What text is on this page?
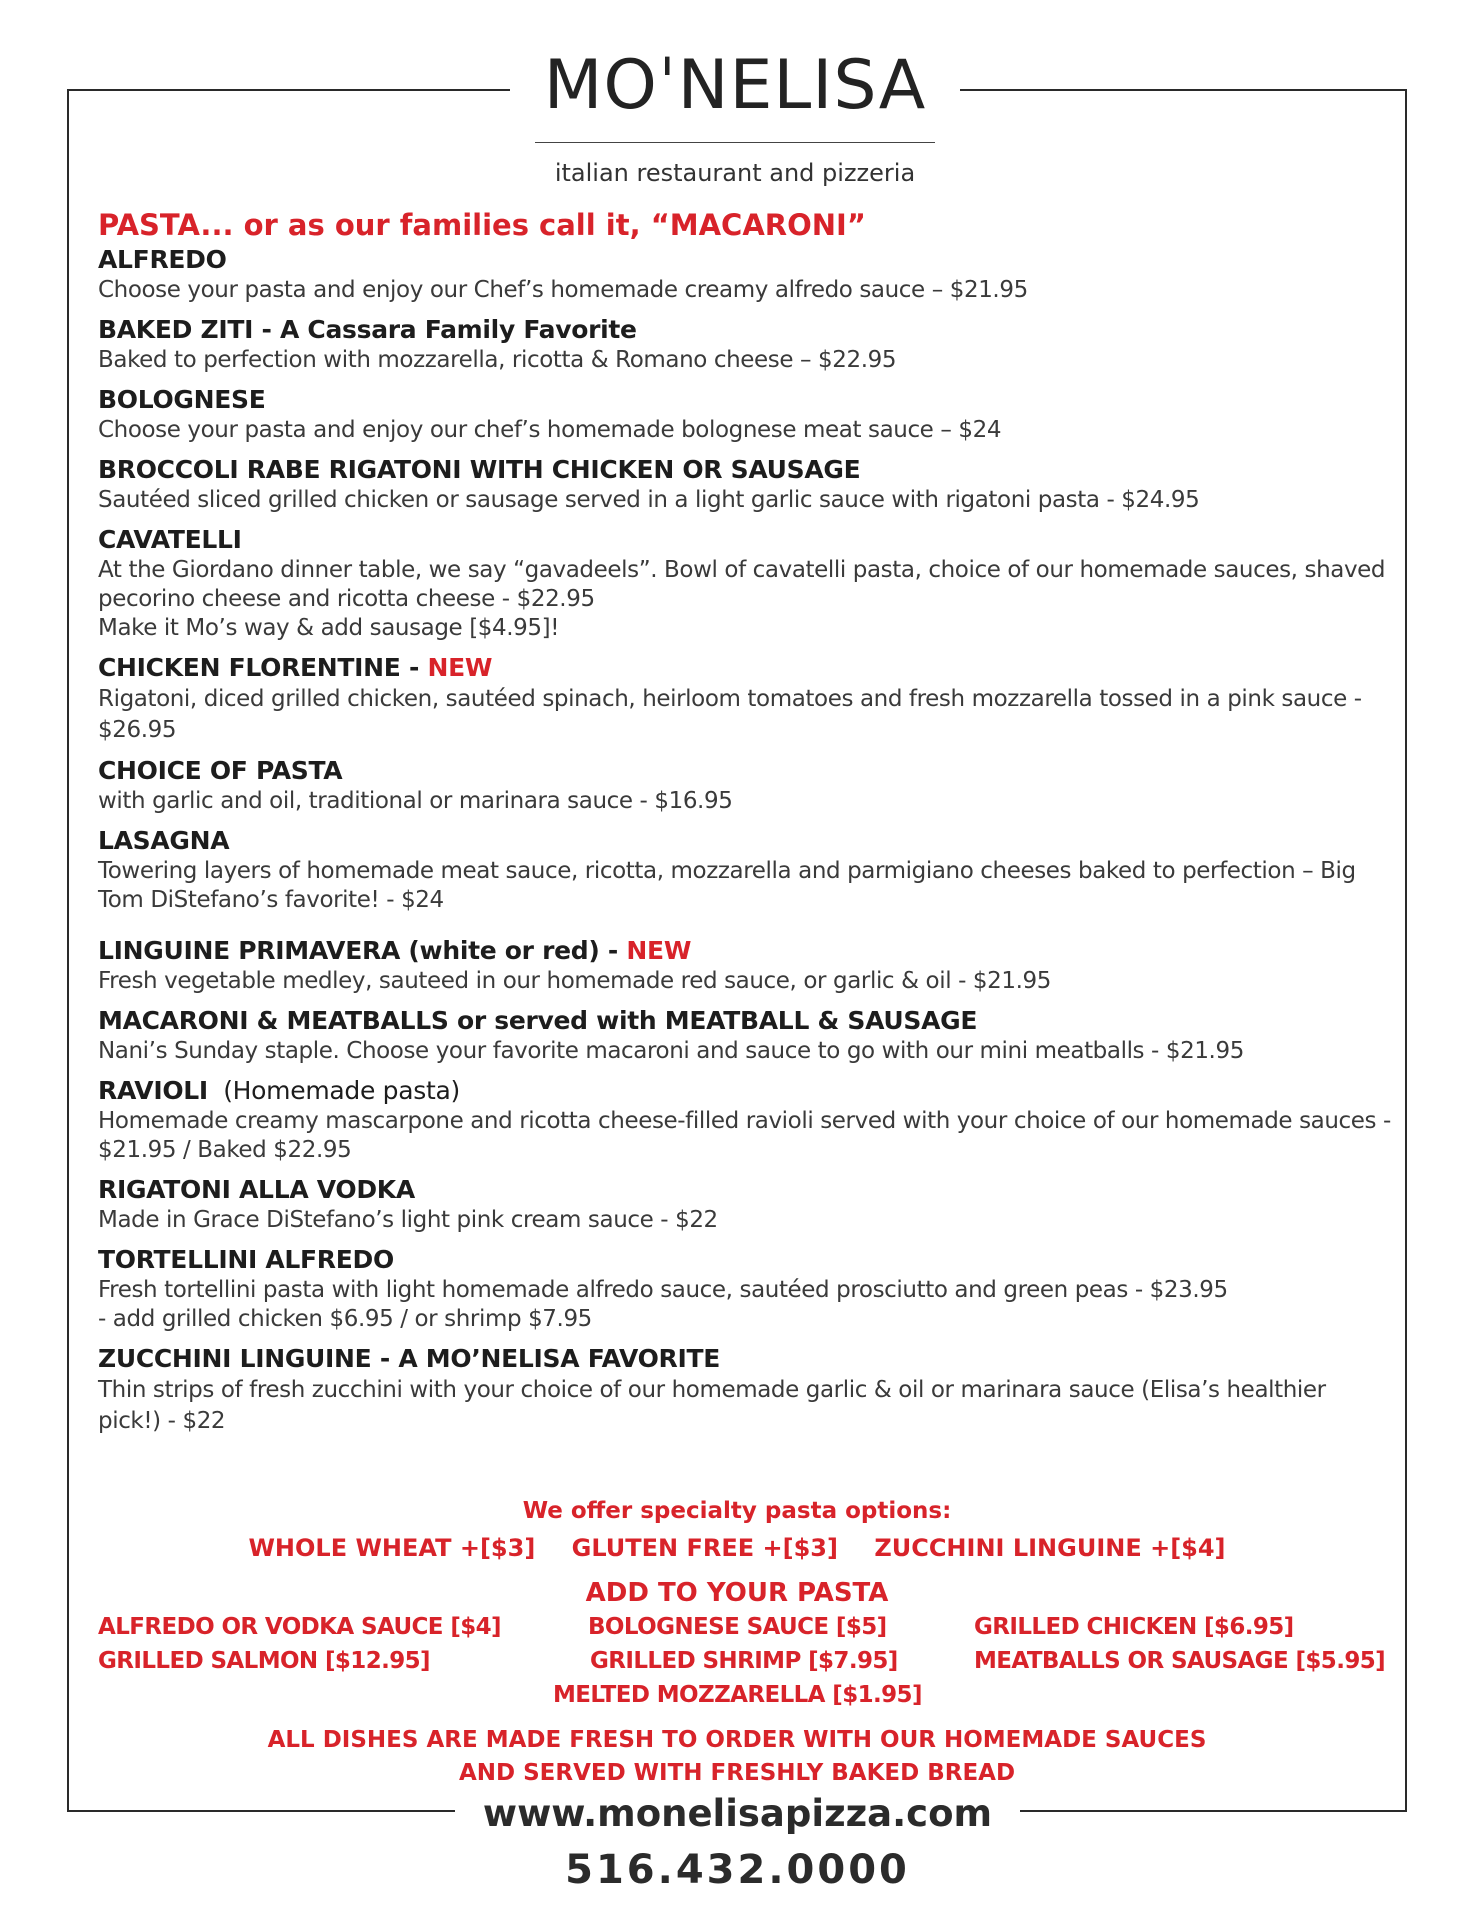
MOˈNELISA
italian restaurant and pizzeria
PASTA... or as our families call it, “MACARONI”
ALFREDO
Choose your pasta and enjoy our Chef’s homemade creamy alfredo sauce – $21.95
BAKED ZITI - A Cassara Family Favorite
Baked to perfection with mozzarella, ricotta & Romano cheese – $22.95
BOLOGNESE
Choose your pasta and enjoy our chef’s homemade bolognese meat sauce – $24
BROCCOLI RABE RIGATONI WITH CHICKEN OR SAUSAGE
Sautéed sliced grilled chicken or sausage served in a light garlic sauce with rigatoni pasta - $24.95
CAVATELLI
At the Giordano dinner table, we say “gavadeels”. Bowl of cavatelli pasta, choice of our homemade sauces, shaved pecorino cheese and ricotta cheese - $22.95
Make it Mo’s way & add sausage [$4.95]!
CHICKEN FLORENTINE - NEW
Rigatoni, diced grilled chicken, sautéed spinach, heirloom tomatoes and fresh mozzarella tossed in a pink sauce - $26.95
CHOICE OF PASTA
with garlic and oil, traditional or marinara sauce - $16.95
LASAGNA
Towering layers of homemade meat sauce, ricotta, mozzarella and parmigiano cheeses baked to perfection – Big Tom DiStefano’s favorite! - $24
LINGUINE PRIMAVERA (white or red) - NEW
Fresh vegetable medley, sauteed in our homemade red sauce, or garlic & oil - $21.95
MACARONI & MEATBALLS or served with MEATBALL & SAUSAGE
Nani’s Sunday staple. Choose your favorite macaroni and sauce to go with our mini meatballs - $21.95
RAVIOLI  (Homemade pasta)
Homemade creamy mascarpone and ricotta cheese-filled ravioli served with your choice of our homemade sauces - $21.95 / Baked $22.95
RIGATONI ALLA VODKA
Made in Grace DiStefano’s light pink cream sauce - $22
TORTELLINI ALFREDO
Fresh tortellini pasta with light homemade alfredo sauce, sautéed prosciutto and green peas - $23.95
- add grilled chicken $6.95 / or shrimp $7.95
ZUCCHINI LINGUINE - A MO’NELISA FAVORITE
Thin strips of fresh zucchini with your choice of our homemade garlic & oil or marinara sauce (Elisa’s healthier pick!) - $22
We offer specialty pasta options:
WHOLE WHEAT +[$3] GLUTEN FREE +[$3] ZUCCHINI LINGUINE +[$4]
ADD TO YOUR PASTA
ALFREDO OR VODKA SAUCE [$4]	BOLOGNESE SAUCE [$5]	GRILLED CHICKEN [$6.95]
GRILLED SALMON [$12.95]	GRILLED SHRIMP [$7.95]	MEATBALLS OR SAUSAGE [$5.95]
MELTED MOZZARELLA [$1.95]
ALL DISHES ARE MADE FRESH TO ORDER WITH OUR HOMEMADE SAUCES
AND SERVED WITH FRESHLY BAKED BREAD
www.monelisapizza.com
516.432.0000
